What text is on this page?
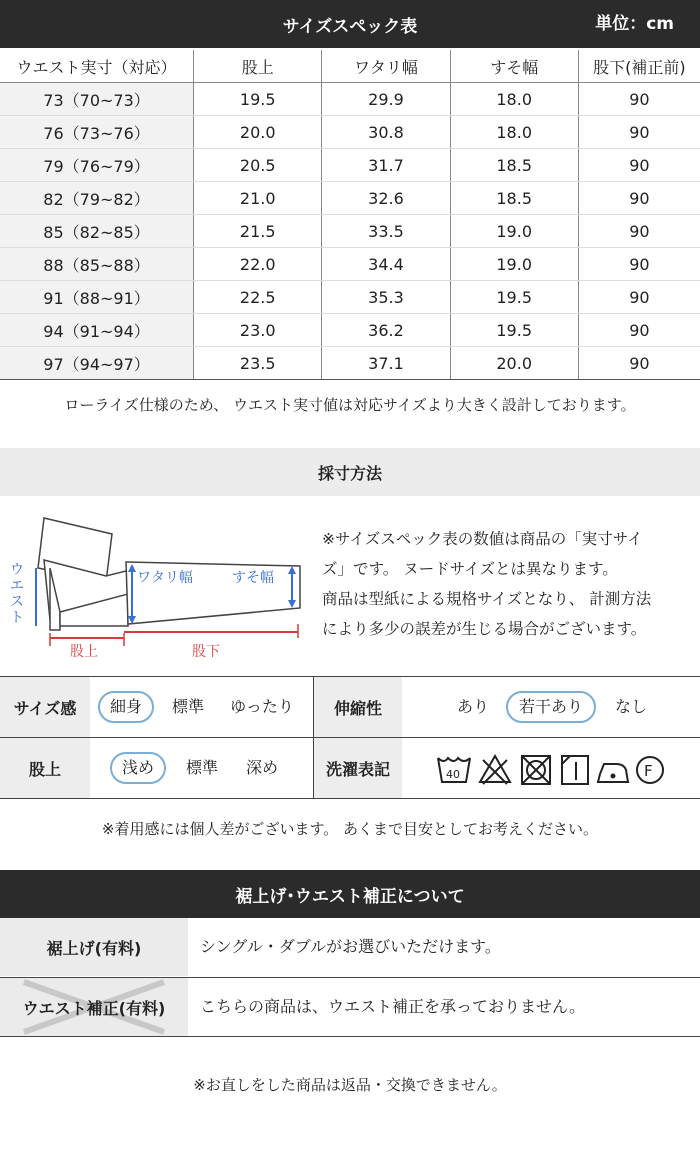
サイズスペック表	単位：cm
ウエスト実寸（対応）	股上	ワタリ幅	すそ幅	股下(補正前)
73（70~73）	19.5	29.9	18.0	90
76（73~76）	20.0	30.8	18.0	90
79（76~79）	20.5	31.7	18.5	90
82（79~82）	21.0	32.6	18.5	90
85（82~85）	21.5	33.5	19.0	90
88（85~88）	22.0	34.4	19.0	90
91（88~91）	22.5	35.3	19.5	90
94（91~94）	23.0	36.2	19.5	90
97（94~97）	23.5	37.1	20.0	90
ローライズ仕様のため、 ウエスト実寸値は対応サイズより大きく設計しております。
採寸方法
ワタリ幅	すそ幅
股上	股下
ウエスト
※サイズスペック表の数値は商品の「実寸サイ
ズ」です。 ヌードサイズとは異なります。
商品は型紙による規格サイズとなり、 計測方法
により多少の誤差が生じる場合がございます。
サイズ感	細身	標準	ゆったり	伸縮性	あり	若干あり	なし
股上	浅め	標準	深め	洗濯表記	40	F
※着用感には個人差がございます。 あくまで目安としてお考えください。
裾上げ･ウエスト補正について
裾上げ(有料)	シングル・ダブルがお選びいただけます。
ウエスト補正(有料) こちらの商品は、ウエスト補正を承っておりません。
※お直しをした商品は返品・交換できません。
